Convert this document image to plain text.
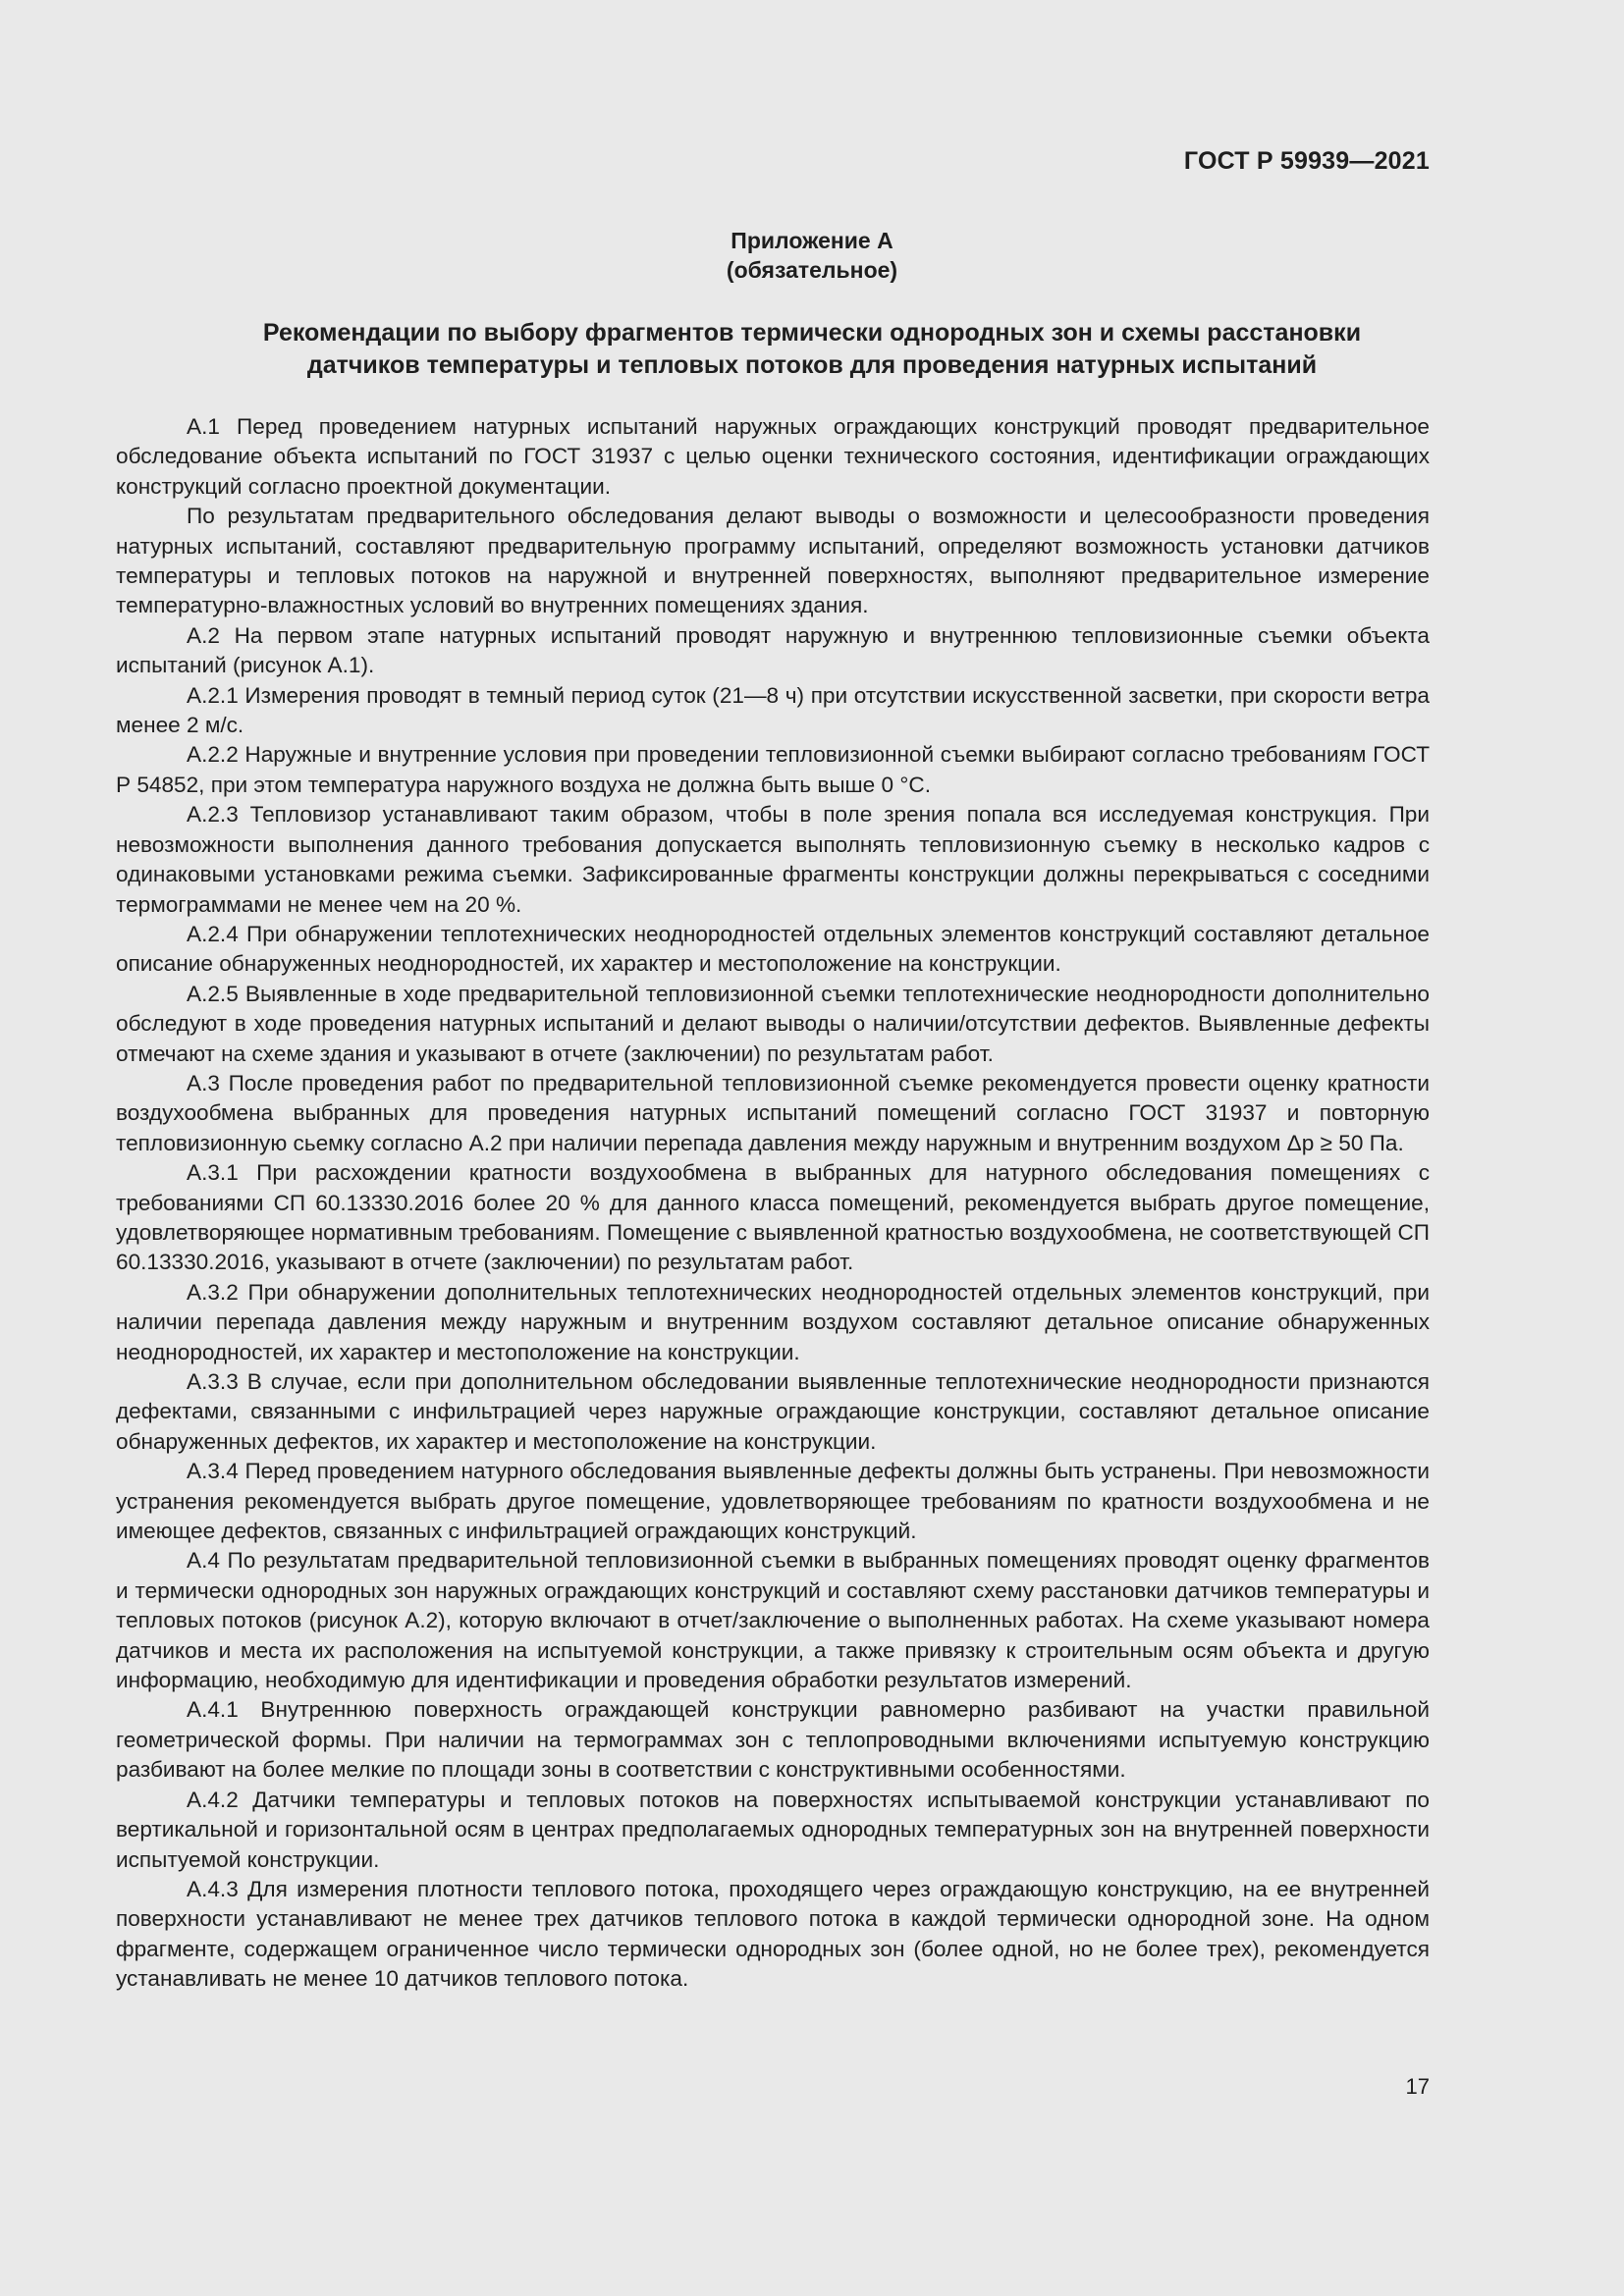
ГОСТ Р 59939—2021
Приложение А
(обязательное)
Рекомендации по выбору фрагментов термически однородных зон и схемы расстановки
датчиков температуры и тепловых потоков для проведения натурных испытаний

А.1 Перед проведением натурных испытаний наружных ограждающих конструкций проводят предварительное обследование объекта испытаний по ГОСТ 31937 с целью оценки технического состояния, идентификации ограждающих конструкций согласно проектной документации.

По результатам предварительного обследования делают выводы о возможности и целесообразности проведения натурных испытаний, составляют предварительную программу испытаний, определяют возможность установки датчиков температуры и тепловых потоков на наружной и внутренней поверхностях, выполняют предварительное измерение температурно-влажностных условий во внутренних помещениях здания.

А.2 На первом этапе натурных испытаний проводят наружную и внутреннюю тепловизионные съемки объекта испытаний (рисунок А.1).

А.2.1 Измерения проводят в темный период суток (21—8 ч) при отсутствии искусственной засветки, при скорости ветра менее 2 м/с.

А.2.2 Наружные и внутренние условия при проведении тепловизионной съемки выбирают согласно требованиям ГОСТ Р 54852, при этом температура наружного воздуха не должна быть выше 0 °С.

А.2.3 Тепловизор устанавливают таким образом, чтобы в поле зрения попала вся исследуемая конструкция. При невозможности выполнения данного требования допускается выполнять тепловизионную съемку в несколько кадров с одинаковыми установками режима съемки. Зафиксированные фрагменты конструкции должны перекрываться с соседними термограммами не менее чем на 20 %.

А.2.4 При обнаружении теплотехнических неоднородностей отдельных элементов конструкций составляют детальное описание обнаруженных неоднородностей, их характер и местоположение на конструкции.

А.2.5 Выявленные в ходе предварительной тепловизионной съемки теплотехнические неоднородности дополнительно обследуют в ходе проведения натурных испытаний и делают выводы о наличии/отсутствии дефектов. Выявленные дефекты отмечают на схеме здания и указывают в отчете (заключении) по результатам работ.

А.3 После проведения работ по предварительной тепловизионной съемке рекомендуется провести оценку кратности воздухообмена выбранных для проведения натурных испытаний помещений согласно ГОСТ 31937 и повторную тепловизионную сьемку согласно А.2 при наличии перепада давления между наружным и внутренним воздухом Δp ≥ 50 Па.

А.3.1 При расхождении кратности воздухообмена в выбранных для натурного обследования помещениях с требованиями СП 60.13330.2016 более 20 % для данного класса помещений, рекомендуется выбрать другое помещение, удовлетворяющее нормативным требованиям. Помещение с выявленной кратностью воздухообмена, не соответствующей СП 60.13330.2016, указывают в отчете (заключении) по результатам работ.

А.3.2 При обнаружении дополнительных теплотехнических неоднородностей отдельных элементов конструкций, при наличии перепада давления между наружным и внутренним воздухом составляют детальное описание обнаруженных неоднородностей, их характер и местоположение на конструкции.

А.3.3 В случае, если при дополнительном обследовании выявленные теплотехнические неоднородности признаются дефектами, связанными с инфильтрацией через наружные ограждающие конструкции, составляют детальное описание обнаруженных дефектов, их характер и местоположение на конструкции.

А.3.4 Перед проведением натурного обследования выявленные дефекты должны быть устранены. При невозможности устранения рекомендуется выбрать другое помещение, удовлетворяющее требованиям по кратности воздухообмена и не имеющее дефектов, связанных с инфильтрацией ограждающих конструкций.

А.4 По результатам предварительной тепловизионной съемки в выбранных помещениях проводят оценку фрагментов и термически однородных зон наружных ограждающих конструкций и составляют схему расстановки датчиков температуры и тепловых потоков (рисунок А.2), которую включают в отчет/заключение о выполненных работах. На схеме указывают номера датчиков и места их расположения на испытуемой конструкции, а также привязку к строительным осям объекта и другую информацию, необходимую для идентификации и проведения обработки результатов измерений.

А.4.1 Внутреннюю поверхность ограждающей конструкции равномерно разбивают на участки правильной геометрической формы. При наличии на термограммах зон с теплопроводными включениями испытуемую конструкцию разбивают на более мелкие по площади зоны в соответствии с конструктивными особенностями.

А.4.2 Датчики температуры и тепловых потоков на поверхностях испытываемой конструкции устанавливают по вертикальной и горизонтальной осям в центрах предполагаемых однородных температурных зон на внутренней поверхности испытуемой конструкции.

А.4.3 Для измерения плотности теплового потока, проходящего через ограждающую конструкцию, на ее внутренней поверхности устанавливают не менее трех датчиков теплового потока в каждой термически однородной зоне. На одном фрагменте, содержащем ограниченное число термически однородных зон (более одной, но не более трех), рекомендуется устанавливать не менее 10 датчиков теплового потока.

17
